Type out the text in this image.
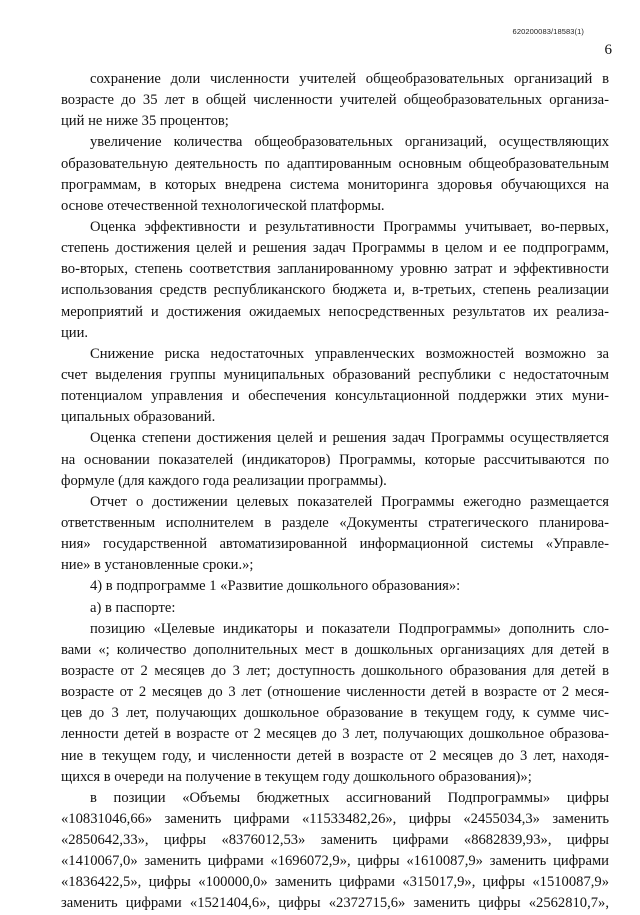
620200083/18583(1)
6
сохранение доли численности учителей общеобразовательных организаций в
возрасте до 35 лет в общей численности учителей общеобразовательных организа-
ций не ниже 35 процентов;
увеличение количества общеобразовательных организаций, осуществляющих
образовательную деятельность по адаптированным основным общеобразовательным
программам, в которых внедрена система мониторинга здоровья обучающихся на
основе отечественной технологической платформы.
Оценка эффективности и результативности Программы учитывает, во-первых,
степень достижения целей и решения задач Программы в целом и ее подпрограмм,
во-вторых, степень соответствия запланированному уровню затрат и эффективности
использования средств республиканского бюджета и, в-третьих, степень реализации
мероприятий и достижения ожидаемых непосредственных результатов их реализа-
ции.
Снижение риска недостаточных управленческих возможностей возможно за
счет выделения группы муниципальных образований республики с недостаточным
потенциалом управления и обеспечения консультационной поддержки этих муни-
ципальных образований.
Оценка степени достижения целей и решения задач Программы осуществляется
на основании показателей (индикаторов) Программы, которые рассчитываются по
формуле (для каждого года реализации программы).
Отчет о достижении целевых показателей Программы ежегодно размещается
ответственным исполнителем в разделе «Документы стратегического планирова-
ния» государственной автоматизированной информационной системы «Управле-
ние» в установленные сроки.»;
4) в подпрограмме 1 «Развитие дошкольного образования»:
а) в паспорте:
позицию «Целевые индикаторы и показатели Подпрограммы» дополнить сло-
вами «; количество дополнительных мест в дошкольных организациях для детей в
возрасте от 2 месяцев до 3 лет; доступность дошкольного образования для детей в
возрасте от 2 месяцев до 3 лет (отношение численности детей в возрасте от 2 меся-
цев до 3 лет, получающих дошкольное образование в текущем году, к сумме чис-
ленности детей в возрасте от 2 месяцев до 3 лет, получающих дошкольное образова-
ние в текущем году, и численности детей в возрасте от 2 месяцев до 3 лет, находя-
щихся в очереди на получение в текущем году дошкольного образования)»;
в позиции «Объемы бюджетных ассигнований Подпрограммы» цифры
«10831046,66» заменить цифрами «11533482,26», цифры «2455034,3» заменить
«2850642,33», цифры «8376012,53» заменить цифрами «8682839,93», цифры
«1410067,0» заменить цифрами «1696072,9», цифры «1610087,9» заменить цифрами
«1836422,5», цифры «100000,0» заменить цифрами «315017,9», цифры «1510087,9»
заменить цифрами «1521404,6», цифры «2372715,6» заменить цифры «2562810,7»,
